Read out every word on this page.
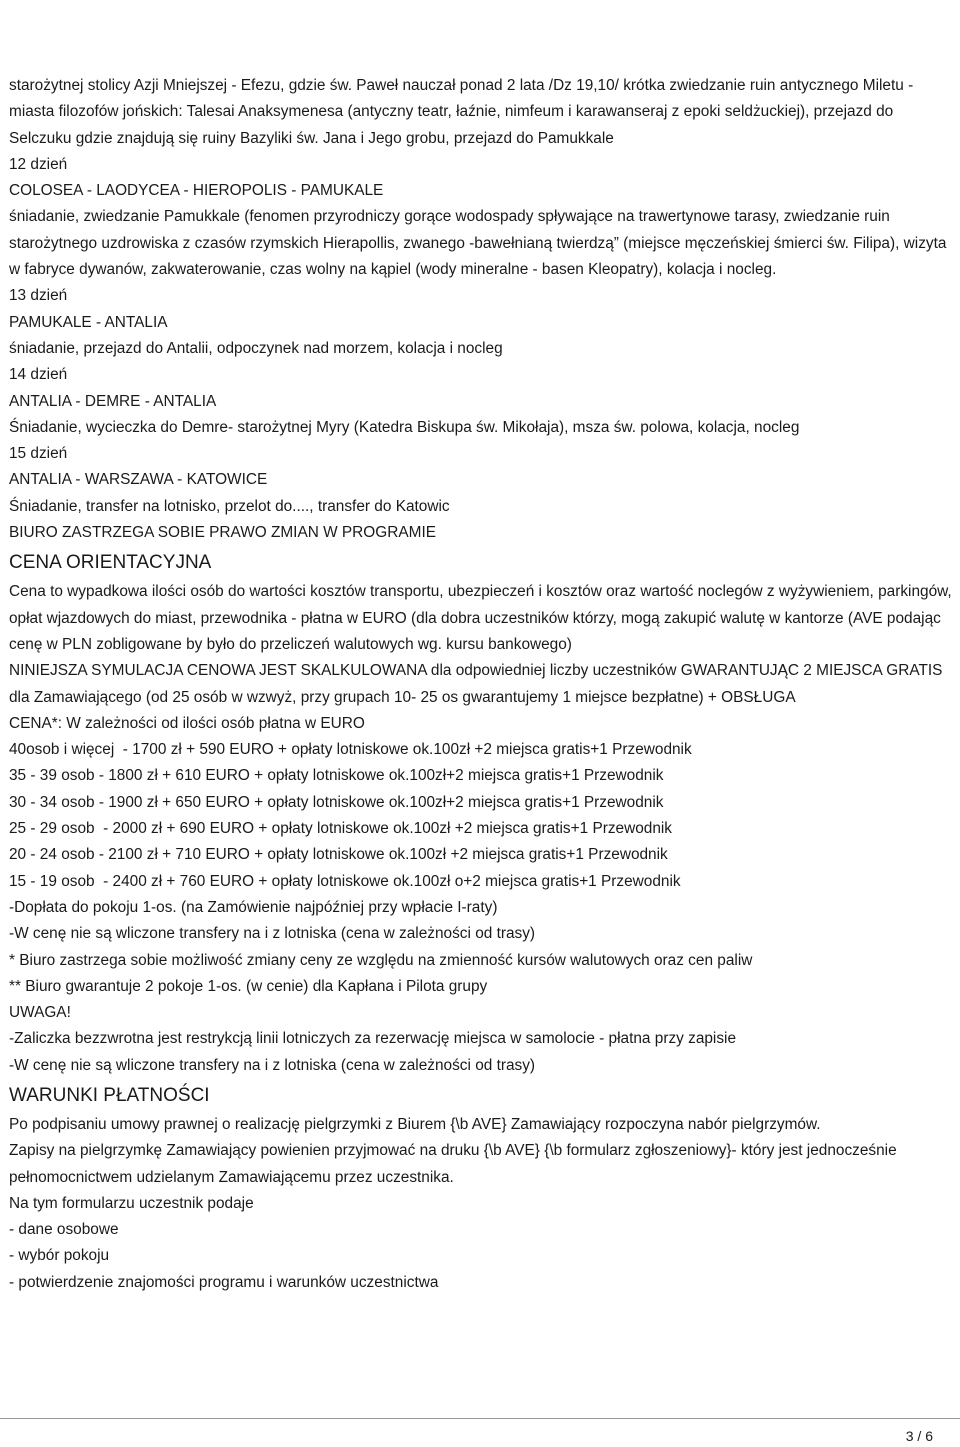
starożytnej stolicy Azji Mniejszej - Efezu, gdzie św. Paweł nauczał ponad 2 lata /Dz 19,10/ krótka zwiedzanie ruin antycznego Miletu - miasta filozofów jońskich: Talesai Anaksymenesa (antyczny teatr, łaźnie, nimfeum i karawanseraj z epoki seldżuckiej), przejazd do Selczuku gdzie znajdują się ruiny Bazyliki św. Jana i Jego grobu, przejazd do Pamukkale

12 dzień

COLOSEA - LAODYCEA - HIEROPOLIS - PAMUKALE

śniadanie, zwiedzanie Pamukkale (fenomen przyrodniczy gorące wodospady spływające na trawertynowe tarasy, zwiedzanie ruin starożytnego uzdrowiska z czasów rzymskich Hierapollis, zwanego -bawełnianą twierdzą” (miejsce męczeńskiej śmierci św. Filipa), wizyta w fabryce dywanów, zakwaterowanie, czas wolny na kąpiel (wody mineralne - basen Kleopatry), kolacja i nocleg.

13 dzień

PAMUKALE - ANTALIA

śniadanie, przejazd do Antalii, odpoczynek nad morzem, kolacja i nocleg

14 dzień

ANTALIA - DEMRE - ANTALIA

Śniadanie, wycieczka do Demre- starożytnej Myry (Katedra Biskupa św. Mikołaja), msza św. polowa, kolacja, nocleg

15 dzień

ANTALIA - WARSZAWA - KATOWICE

Śniadanie, transfer na lotnisko, przelot do...., transfer do Katowic

BIURO ZASTRZEGA SOBIE PRAWO ZMIAN W PROGRAMIE

CENA ORIENTACYJNA

Cena to wypadkowa ilości osób do wartości kosztów transportu, ubezpieczeń i kosztów oraz wartość noclegów z wyżywieniem, parkingów, opłat wjazdowych do miast, przewodnika - płatna w EURO (dla dobra uczestników którzy, mogą zakupić walutę w kantorze (AVE podając cenę w PLN zobligowane by było do przeliczeń walutowych wg. kursu bankowego)

NINIEJSZA SYMULACJA CENOWA JEST SKALKULOWANA dla odpowiedniej liczby uczestników GWARANTUJĄC 2 MIEJSCA GRATIS dla Zamawiającego (od 25 osób w wzwyż, przy grupach 10- 25 os gwarantujemy 1 miejsce bezpłatne) + OBSŁUGA

CENA*: W zależności od ilości osób płatna w EURO

40osob i więcej  - 1700 zł + 590 EURO + opłaty lotniskowe ok.100zł +2 miejsca gratis+1 Przewodnik

35 - 39 osob - 1800 zł + 610 EURO + opłaty lotniskowe ok.100zł+2 miejsca gratis+1 Przewodnik

30 - 34 osob - 1900 zł + 650 EURO + opłaty lotniskowe ok.100zł+2 miejsca gratis+1 Przewodnik

25 - 29 osob  - 2000 zł + 690 EURO + opłaty lotniskowe ok.100zł +2 miejsca gratis+1 Przewodnik

20 - 24 osob - 2100 zł + 710 EURO + opłaty lotniskowe ok.100zł +2 miejsca gratis+1 Przewodnik

15 - 19 osob  - 2400 zł + 760 EURO + opłaty lotniskowe ok.100zł o+2 miejsca gratis+1 Przewodnik

-Dopłata do pokoju 1-os. (na Zamówienie najpóźniej przy wpłacie I-raty)

-W cenę nie są wliczone transfery na i z lotniska (cena w zależności od trasy)

* Biuro zastrzega sobie możliwość zmiany ceny ze względu na zmienność kursów walutowych oraz cen paliw

** Biuro gwarantuje 2 pokoje 1-os. (w cenie) dla Kapłana i Pilota grupy

UWAGA!

-Zaliczka bezzwrotna jest restrykcją linii lotniczych za rezerwację miejsca w samolocie - płatna przy zapisie

-W cenę nie są wliczone transfery na i z lotniska (cena w zależności od trasy)

WARUNKI PŁATNOŚCI

Po podpisaniu umowy prawnej o realizację pielgrzymki z Biurem {\b AVE} Zamawiający rozpoczyna nabór pielgrzymów.

Zapisy na pielgrzymkę Zamawiający powienien przyjmować na druku {\b AVE} {\b formularz zgłoszeniowy}- który jest jednocześnie pełnomocnictwem udzielanym Zamawiającemu przez uczestnika.

Na tym formularzu uczestnik podaje

- dane osobowe

- wybór pokoju

- potwierdzenie znajomości programu i warunków uczestnictwa

3 / 6
